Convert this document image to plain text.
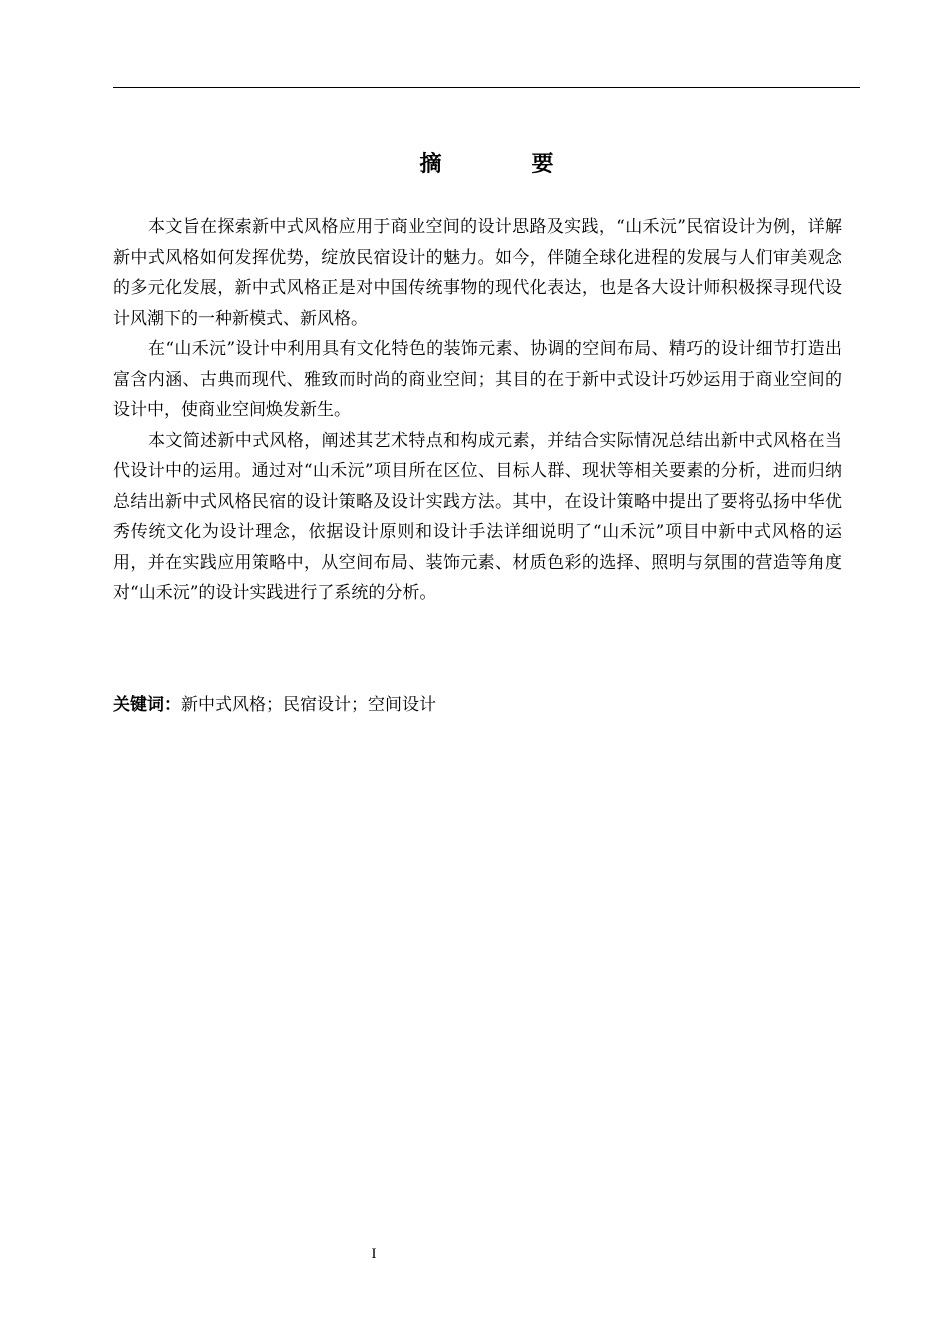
摘　要

本文旨在探索新中式风格应用于商业空间的设计思路及实践，“山禾沅”民宿设计为例，详解新中式风格如何发挥优势，绽放民宿设计的魅力。如今，伴随全球化进程的发展与人们审美观念的多元化发展，新中式风格正是对中国传统事物的现代化表达，也是各大设计师积极探寻现代设计风潮下的一种新模式、新风格。

在“山禾沅”设计中利用具有文化特色的装饰元素、协调的空间布局、精巧的设计细节打造出富含内涵、古典而现代、雅致而时尚的商业空间；其目的在于新中式设计巧妙运用于商业空间的设计中，使商业空间焕发新生。

本文简述新中式风格，阐述其艺术特点和构成元素，并结合实际情况总结出新中式风格在当代设计中的运用。通过对“山禾沅”项目所在区位、目标人群、现状等相关要素的分析，进而归纳总结出新中式风格民宿的设计策略及设计实践方法。其中，在设计策略中提出了要将弘扬中华优秀传统文化为设计理念，依据设计原则和设计手法详细说明了“山禾沅”项目中新中式风格的运用，并在实践应用策略中，从空间布局、装饰元素、材质色彩的选择、照明与氛围的营造等角度对“山禾沅”的设计实践进行了系统的分析。

关键词：新中式风格；民宿设计；空间设计
I
